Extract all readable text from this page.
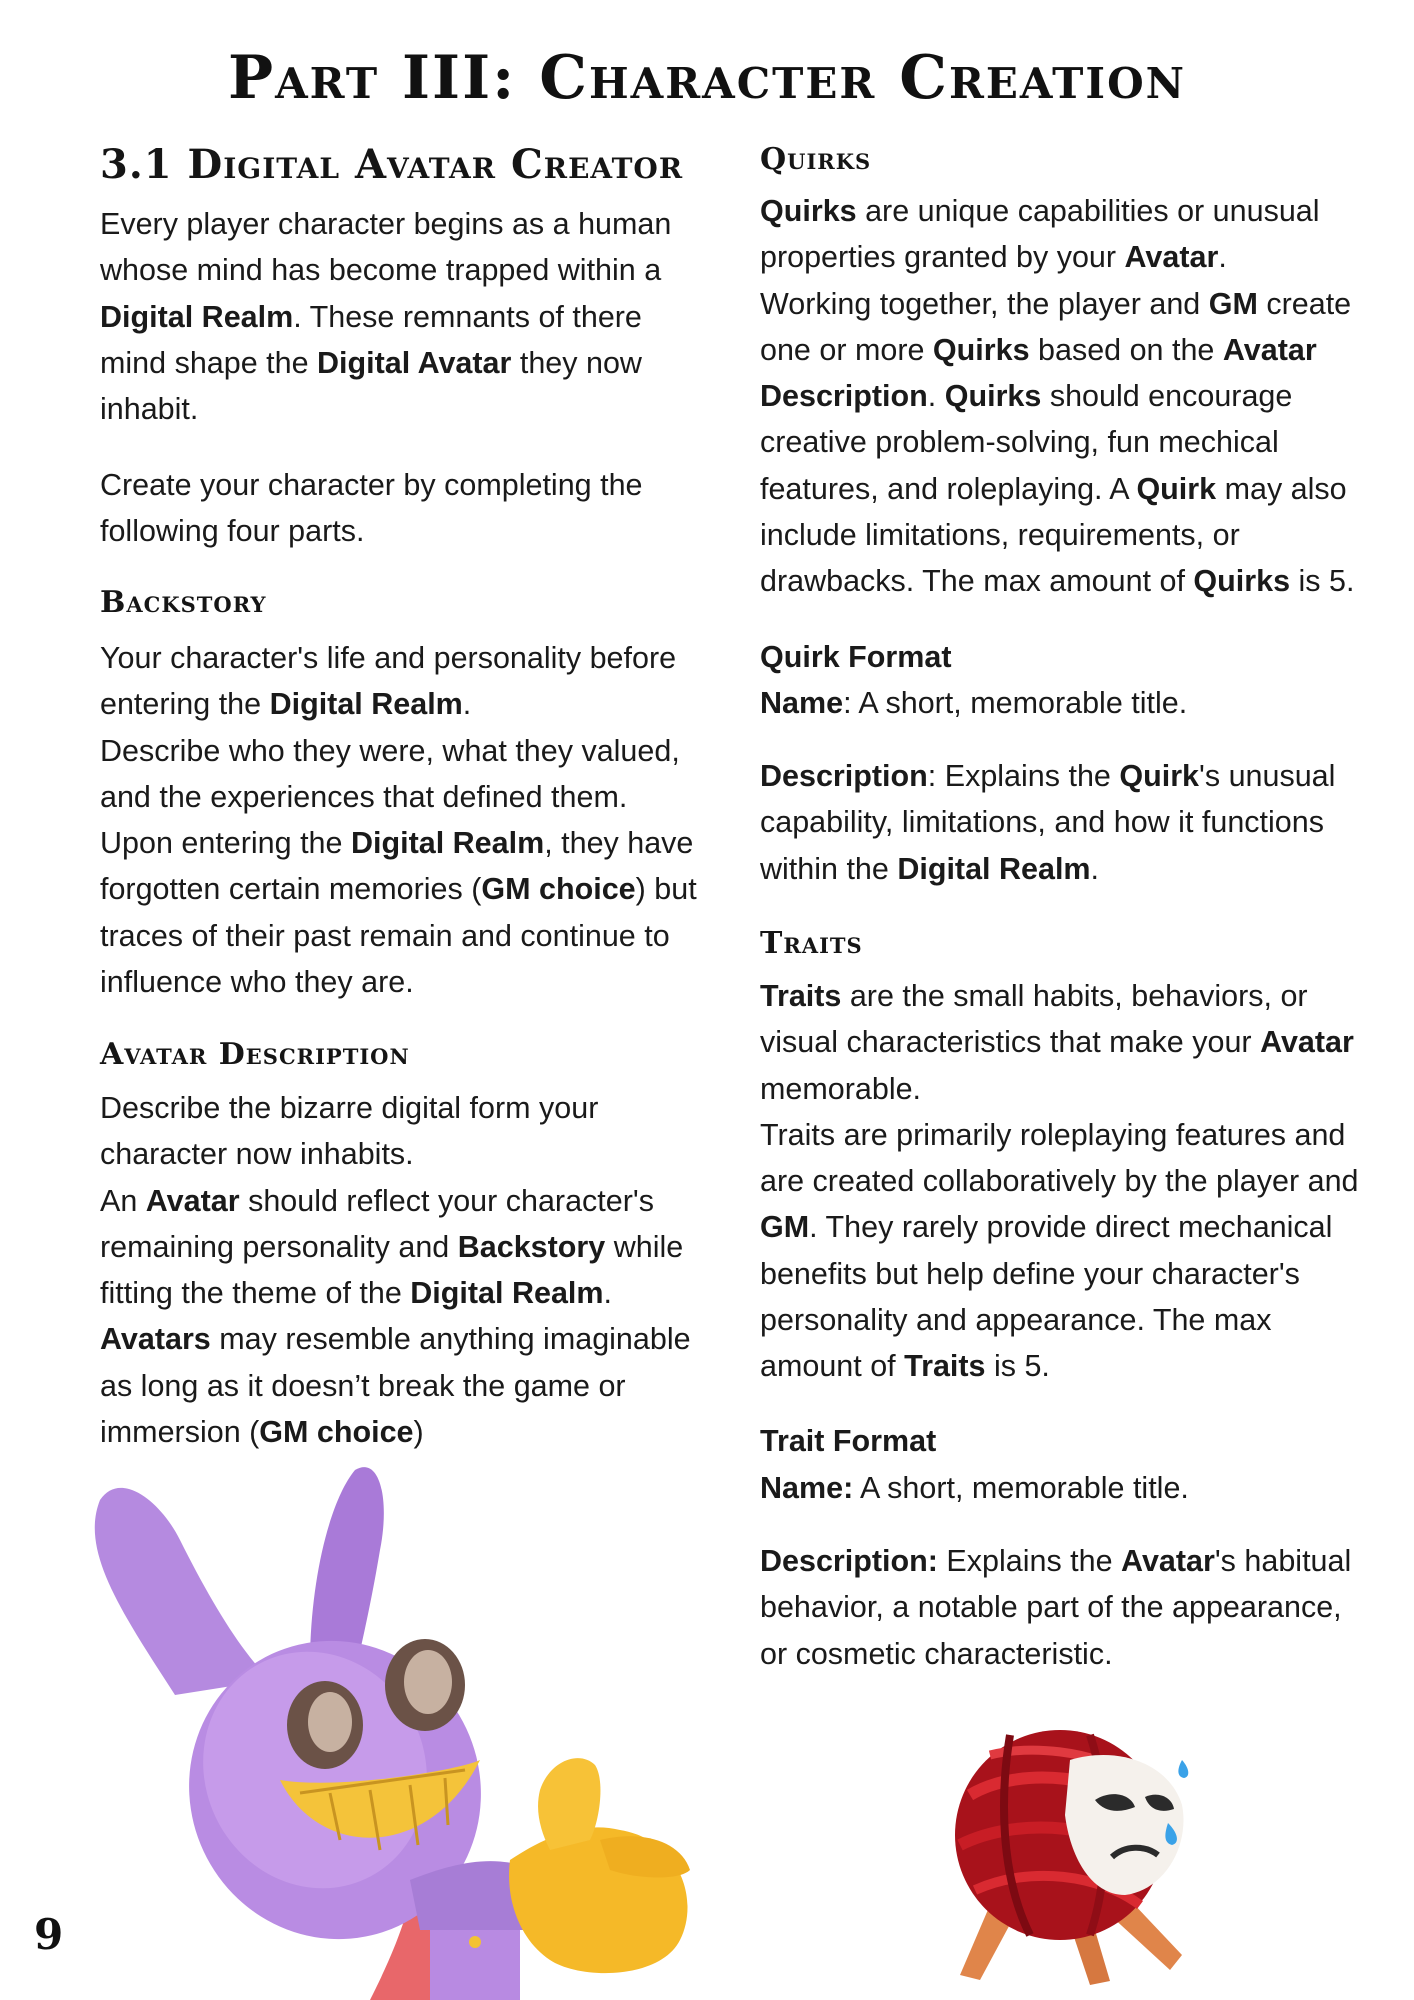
Part III: Character Creation
3.1 Digital Avatar Creator

Every player character begins as a human whose mind has become trapped within a Digital Realm. These remnants of there mind shape the Digital Avatar they now inhabit.

Create your character by completing the following four parts.

Backstory

Your character's life and personality before entering the Digital Realm.
Describe who they were, what they valued, and the experiences that defined them.
Upon entering the Digital Realm, they have forgotten certain memories (GM choice) but traces of their past remain and continue to influence who they are.

Avatar Description

Describe the bizarre digital form your character now inhabits.
An Avatar should reflect your character's remaining personality and Backstory while fitting the theme of the Digital Realm.
Avatars may resemble anything imaginable as long as it doesn’t break the game or immersion (GM choice)

Quirks

Quirks are unique capabilities or unusual properties granted by your Avatar.
Working together, the player and GM create one or more Quirks based on the Avatar Description. Quirks should encourage creative problem-solving, fun mechical features, and roleplaying. A Quirk may also include limitations, requirements, or drawbacks. The max amount of Quirks is 5.

Quirk Format

Name: A short, memorable title.

Description: Explains the Quirk's unusual capability, limitations, and how it functions within the Digital Realm.

Traits

Traits are the small habits, behaviors, or visual characteristics that make your Avatar memorable.
Traits are primarily roleplaying features and are created collaboratively by the player and GM. They rarely provide direct mechanical benefits but help define your character's personality and appearance. The max amount of Traits is 5.

Trait Format

Name: A short, memorable title.

Description: Explains the Avatar's habitual behavior, a notable part of the appearance, or cosmetic characteristic.

9
